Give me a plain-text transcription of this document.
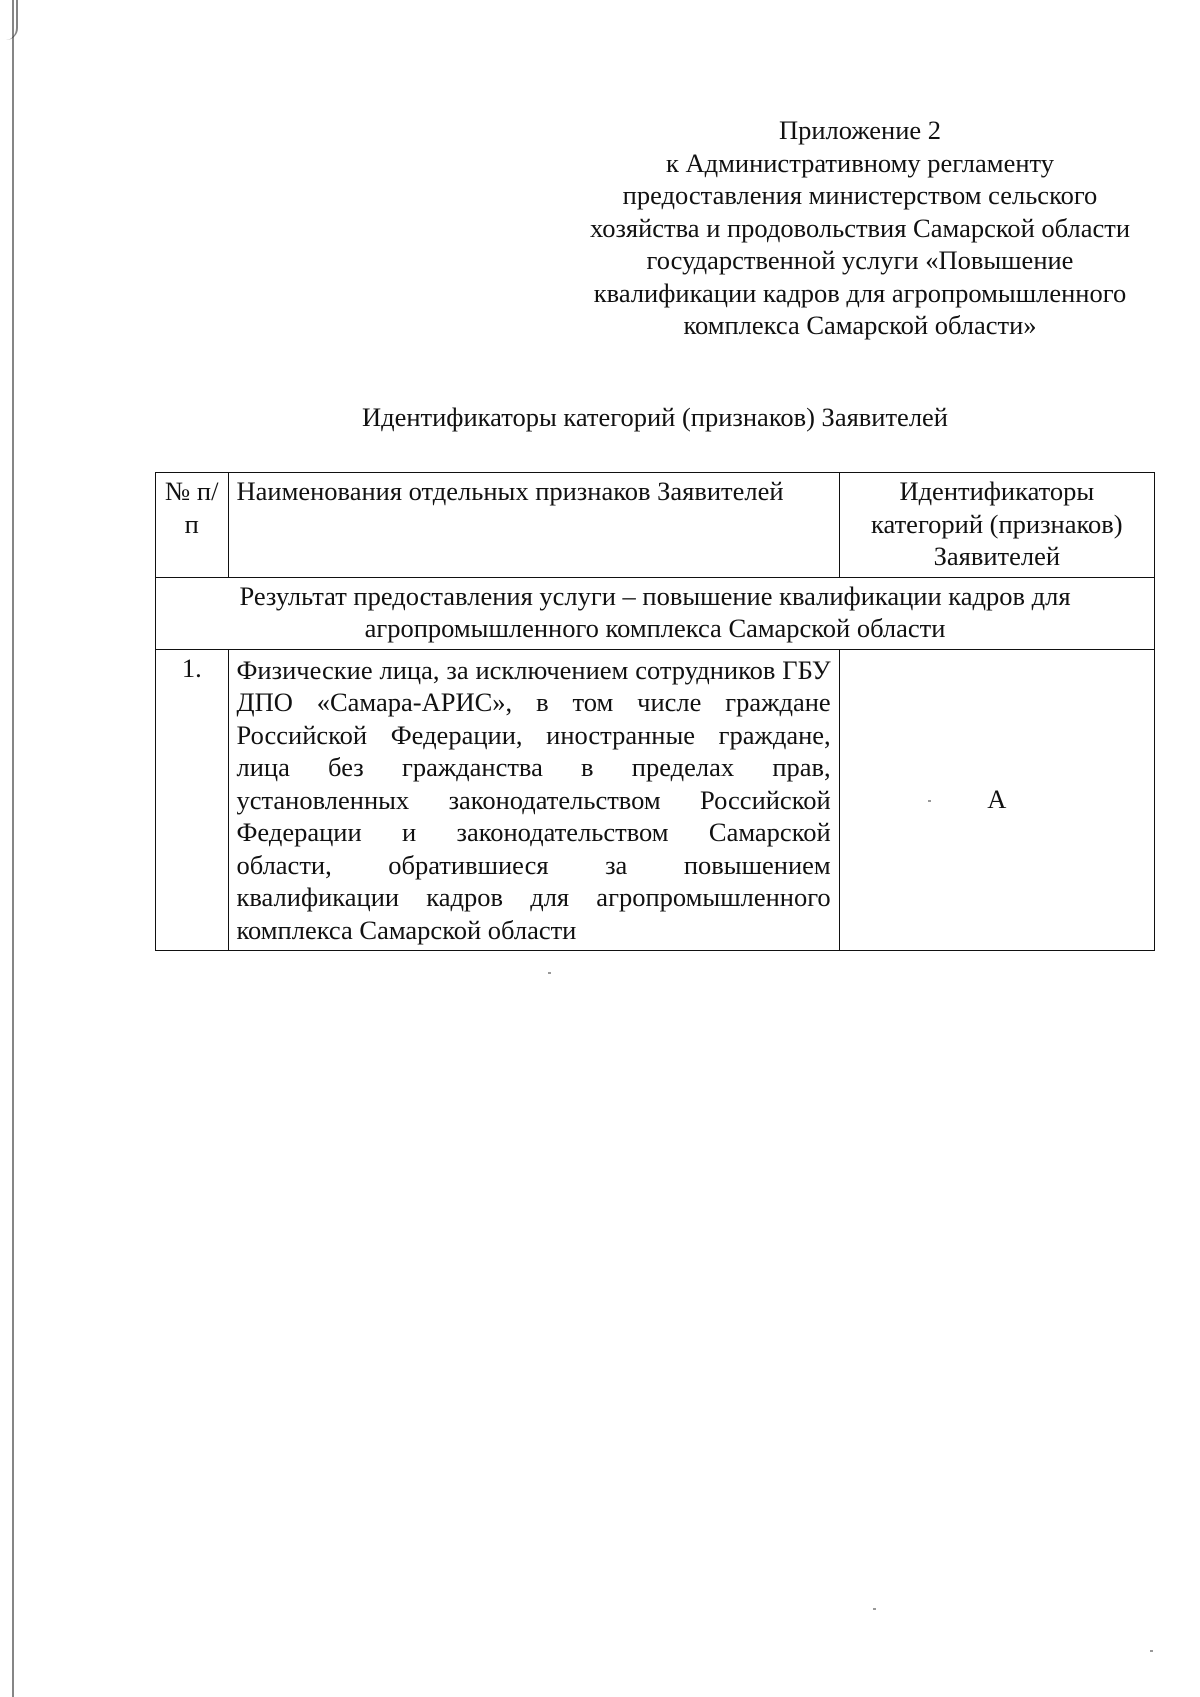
Приложение 2
к Административному регламенту
предоставления министерством сельского
хозяйства и продовольствия Самарской области
государственной услуги «Повышение
квалификации кадров для агропромышленного
комплекса Самарской области»
Идентификаторы категорий (признаков) Заявителей
№ п/п	Наименования отдельных признаков Заявителей	Идентификаторы категорий (признаков) Заявителей
Результат предоставления услуги – повышение квалификации кадров для агропромышленного комплекса Самарской области		
1.	Физические лица, за исключением сотрудников ГБУ ДПО «Самара-АРИС», в том числе граждане Российской Федерации, иностранные граждане, лица без гражданства в пределах прав, установленных законодательством Российской Федерации и законодательством Самарской области, обратившиеся за повышением квалификации кадров для агропромышленного комплекса Самарской области	А
